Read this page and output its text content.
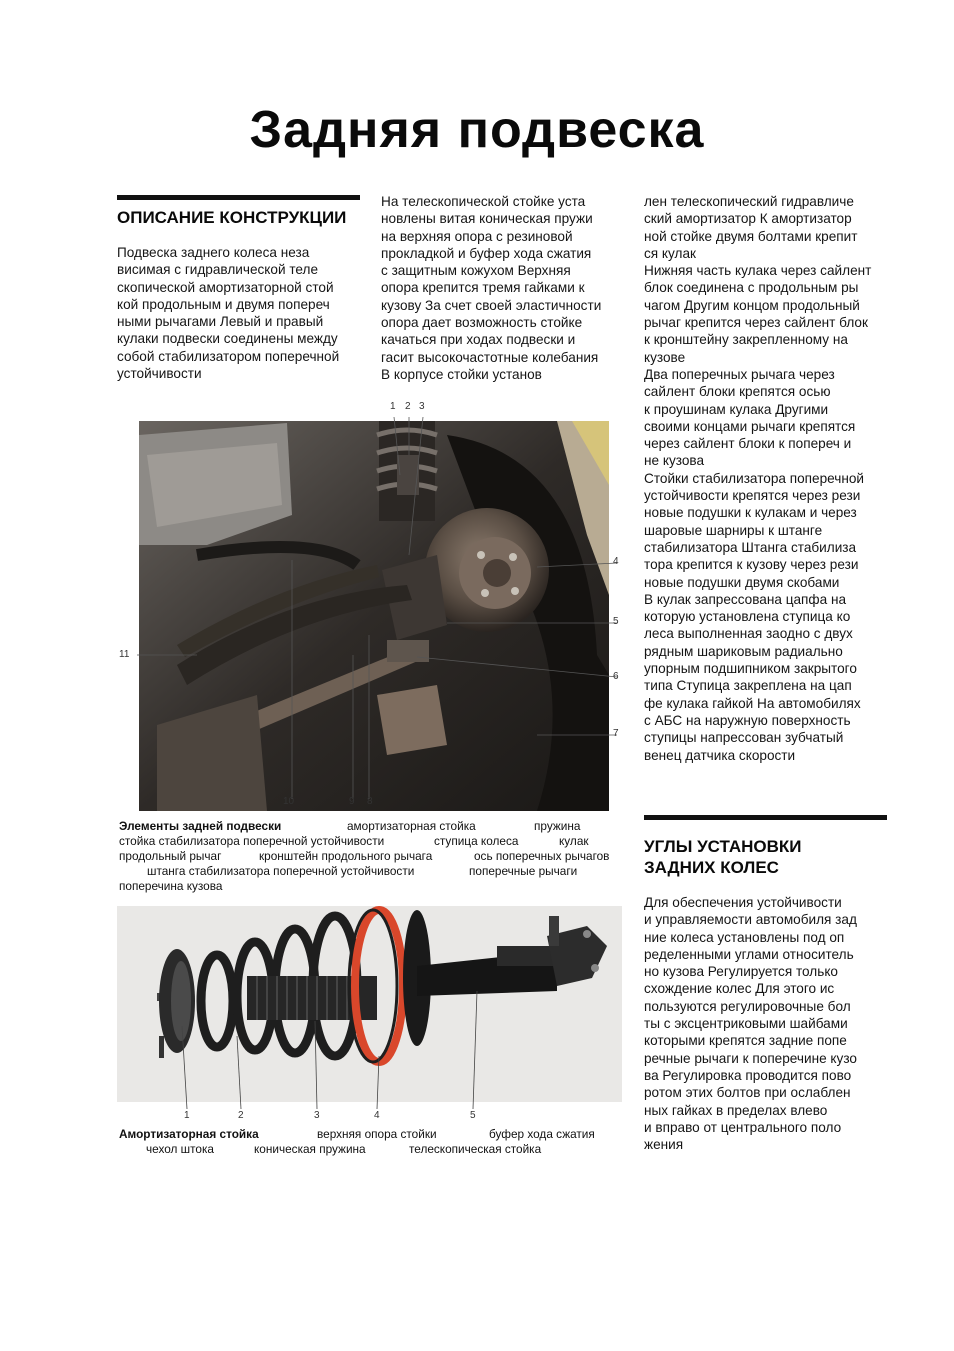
Задняя подвеска
ОПИСАНИЕ КОНСТРУКЦИИ

Подвеска заднего колеса неза

висимая с гидравлической теле

скопической амортизаторной стой

кой продольным и двумя попереч

ными рычагами Левый и правый

кулаки подвески соединены между

собой стабилизатором поперечной

устойчивости

На телескопической стойке уста

новлены витая коническая пружи

на верхняя опора с резиновой

прокладкой и буфер хода сжатия

с защитным кожухом Верхняя

опора крепится тремя гайками к

кузову За счет своей эластичности

опора дает возможность стойке

качаться при ходах подвески и

гасит высокочастотные колебания

В корпусе стойки установ

лен телескопический гидравличе

ский амортизатор К амортизатор

ной стойке двумя болтами крепит

ся кулак

Нижняя часть кулака через сайлент

блок соединена с продольным ры

чагом Другим концом продольный

рычаг крепится через сайлент блок

к кронштейну закрепленному на

кузове

Два поперечных рычага через

сайлент блоки крепятся осью

к проушинам кулака Другими

своими концами рычаги крепятся

через сайлент блоки к попереч и

не кузова

Стойки стабилизатора поперечной

устойчивости крепятся через рези

новые подушки к кулакам и через

шаровые шарниры к штанге

стабилизатора Штанга стабилиза

тора крепится к кузову через рези

новые подушки двумя скобами

В кулак запрессована цапфа на

которую установлена ступица ко

леса выполненная заодно с двух

рядным шариковым радиально

упорным подшипником закрытого

типа Ступица закреплена на цап

фе кулака гайкой На автомобилях

с АБС на наружную поверхность

ступицы напрессован зубчатый

венец датчика скорости

1 2 3
4
5
6
7
8
9
10
11
Элементы задней подвески	амортизаторная стойка	пружина
стойка стабилизатора поперечной устойчивости	ступица колеса	кулак
продольный рычаг	кронштейн продольного рычага	ось поперечных рычагов
штанга стабилизатора поперечной устойчивости	поперечные рычаги
поперечина кузова
УГЛЫ УСТАНОВКИ
ЗАДНИХ КОЛЕС

Для обеспечения устойчивости

и управляемости автомобиля зад

ние колеса установлены под оп

ределенными углами относитель

но кузова Регулируется только

схождение колес Для этого ис

пользуются регулировочные бол

ты с эксцентриковыми шайбами

которыми крепятся задние попе

речные рычаги к поперечине кузо

ва Регулировка проводится пово

ротом этих болтов при ослаблен

ных гайках в пределах влево

и вправо от центрального поло

жения

1	2	3	4	5
Амортизаторная стойка	верхняя опора стойки	буфер хода сжатия
чехол штока	коническая пружина	телескопическая стойка
